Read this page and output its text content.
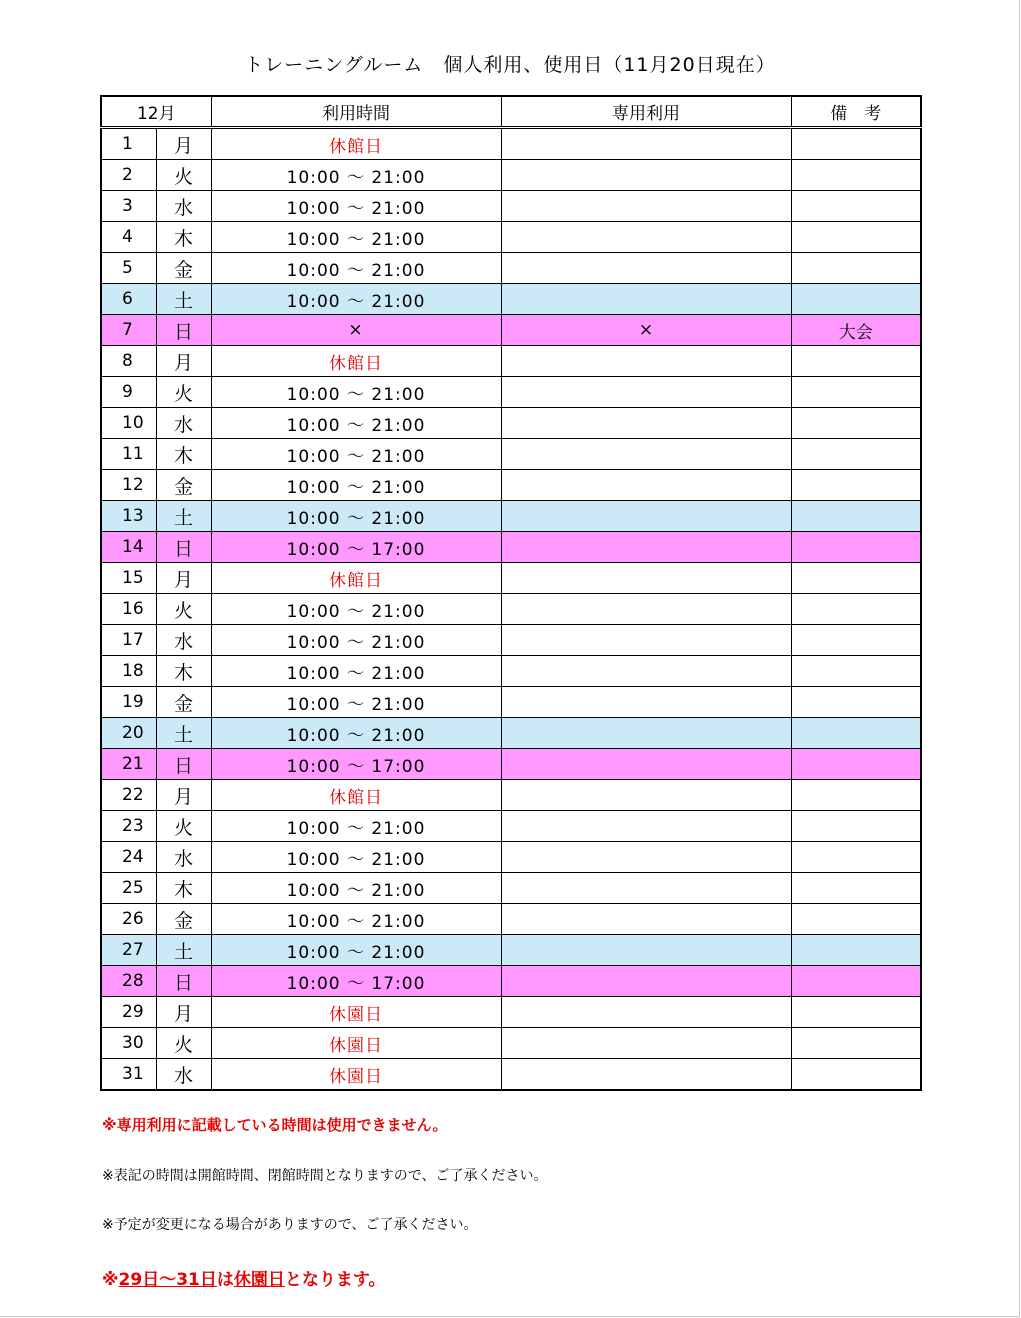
トレーニングルーム　個人利用、使用日（11月20日現在）
12月		利用時間	専用利用	備　考
1	月	休館日		
2	火	10:00 ～ 21:00		
3	水	10:00 ～ 21:00		
4	木	10:00 ～ 21:00		
5	金	10:00 ～ 21:00		
6	土	10:00 ～ 21:00		
7	日	×	×	大会
8	月	休館日		
9	火	10:00 ～ 21:00		
10	水	10:00 ～ 21:00		
11	木	10:00 ～ 21:00		
12	金	10:00 ～ 21:00		
13	土	10:00 ～ 21:00		
14	日	10:00 ～ 17:00		
15	月	休館日		
16	火	10:00 ～ 21:00		
17	水	10:00 ～ 21:00		
18	木	10:00 ～ 21:00		
19	金	10:00 ～ 21:00		
20	土	10:00 ～ 21:00		
21	日	10:00 ～ 17:00		
22	月	休館日		
23	火	10:00 ～ 21:00		
24	水	10:00 ～ 21:00		
25	木	10:00 ～ 21:00		
26	金	10:00 ～ 21:00		
27	土	10:00 ～ 21:00		
28	日	10:00 ～ 17:00		
29	月	休園日		
30	火	休園日		
31	水	休園日		
※専用利用に記載している時間は使用できません。
※表記の時間は開館時間、閉館時間となりますので、ご了承ください。
※予定が変更になる場合がありますので、ご了承ください。
※29日～31日は休園日となります。
